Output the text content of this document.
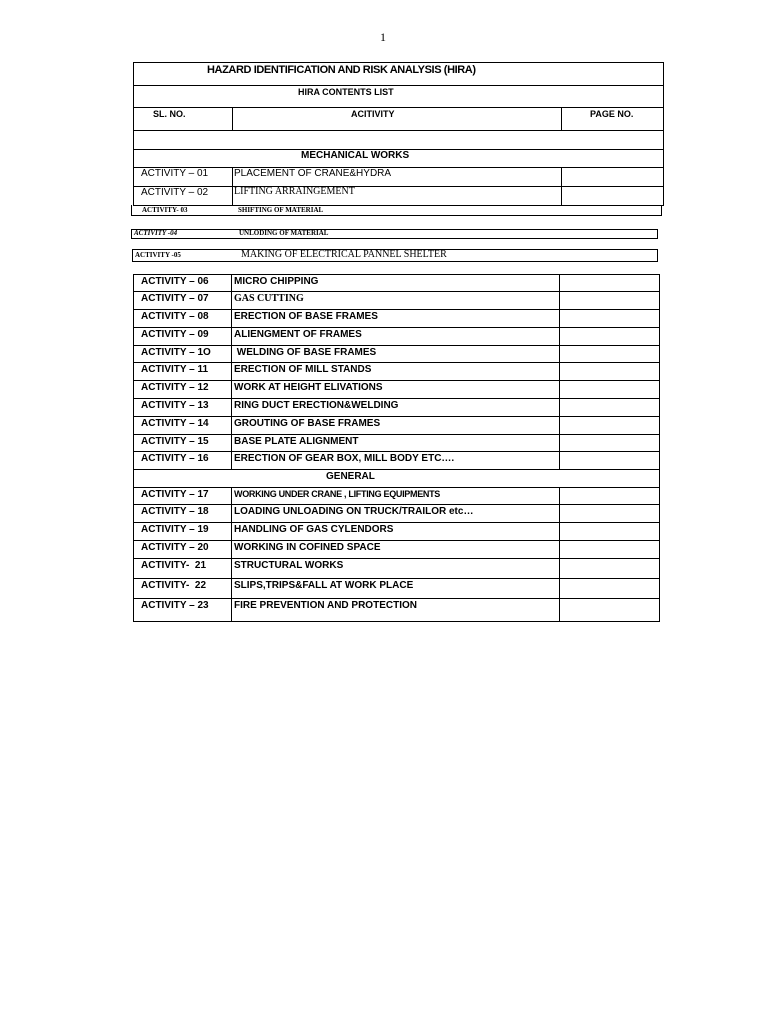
1
HAZARD IDENTIFICATION AND RISK ANALYSIS (HIRA)
HIRA CONTENTS LIST
SL. NO.	ACITIVITY	PAGE NO.
MECHANICAL WORKS
ACTIVITY – 01	PLACEMENT OF CRANE&HYDRA
ACTIVITY – 02	LIFTING ARRAINGEMENT
ACTIVITY- 03	SHIFTING OF MATERIAL
ACTIVITY -04	UNLODING OF MATERIAL
ACTIVITY -05	MAKING OF ELECTRICAL PANNEL SHELTER
ACTIVITY – 06	MICRO CHIPPING
ACTIVITY – 07	GAS CUTTING
ACTIVITY – 08	ERECTION OF BASE FRAMES
ACTIVITY – 09	ALIENGMENT OF FRAMES
ACTIVITY – 1O WELDING OF BASE FRAMES
ACTIVITY – 11	ERECTION OF MILL STANDS
ACTIVITY – 12	WORK AT HEIGHT ELIVATIONS
ACTIVITY – 13	RING DUCT ERECTION&WELDING
ACTIVITY – 14	GROUTING OF BASE FRAMES
ACTIVITY – 15	BASE PLATE ALIGNMENT
ACTIVITY – 16	ERECTION OF GEAR BOX, MILL BODY ETC….
GENERAL
ACTIVITY – 17	WORKING UNDER CRANE , LIFTING EQUIPMENTS
ACTIVITY – 18	LOADING UNLOADING ON TRUCK/TRAILOR etc…
ACTIVITY – 19	HANDLING OF GAS CYLENDORS
ACTIVITY – 20	WORKING IN COFINED SPACE
ACTIVITY-  21	STRUCTURAL WORKS
ACTIVITY-  22	SLIPS,TRIPS&FALL AT WORK PLACE
ACTIVITY – 23	FIRE PREVENTION AND PROTECTION
